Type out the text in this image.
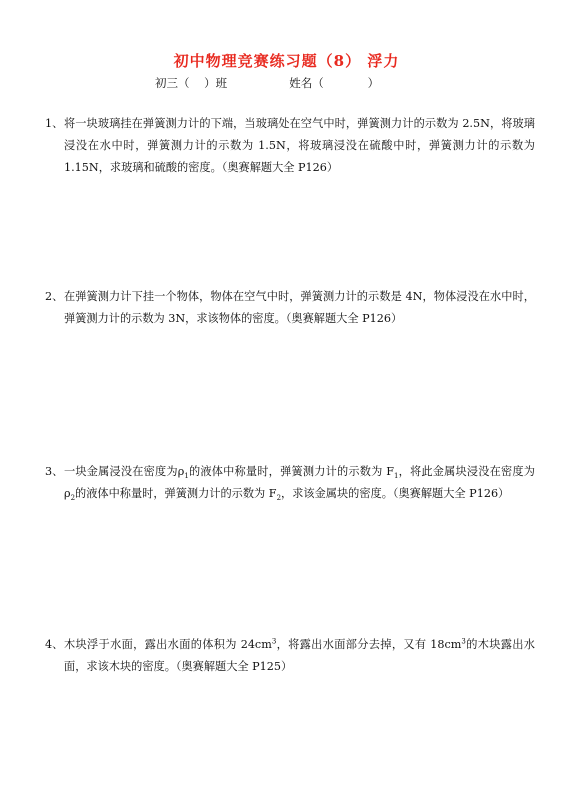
初中物理竞赛练习题（8） 浮力
初三（    ）班	姓名（            ）
1、 将一块玻璃挂在弹簧测力计的下端，当玻璃处在空气中时，弹簧测力计的示数为 2.5N，将玻璃浸没在水中时，弹簧测力计的示数为 1.5N，将玻璃浸没在硫酸中时，弹簧测力计的示数为 1.15N，求玻璃和硫酸的密度。（奥赛解题大全 P126）
2、 在弹簧测力计下挂一个物体，物体在空气中时，弹簧测力计的示数是 4N，物体浸没在水中时，弹簧测力计的示数为 3N，求该物体的密度。（奥赛解题大全 P126）
3、 一块金属浸没在密度为$\rho_1$的液体中称量时，弹簧测力计的示数为 $F_1$，将此金属块浸没在密度为$\rho_2$的液体中称量时，弹簧测力计的示数为 $F_2$，求该金属块的密度。（奥赛解题大全 P126）
4、 木块浮于水面，露出水面的体积为 $24cm^3$，将露出水面部分去掉，又有 $18cm^3$的木块露出水面，求该木块的密度。（奥赛解题大全 P125）
